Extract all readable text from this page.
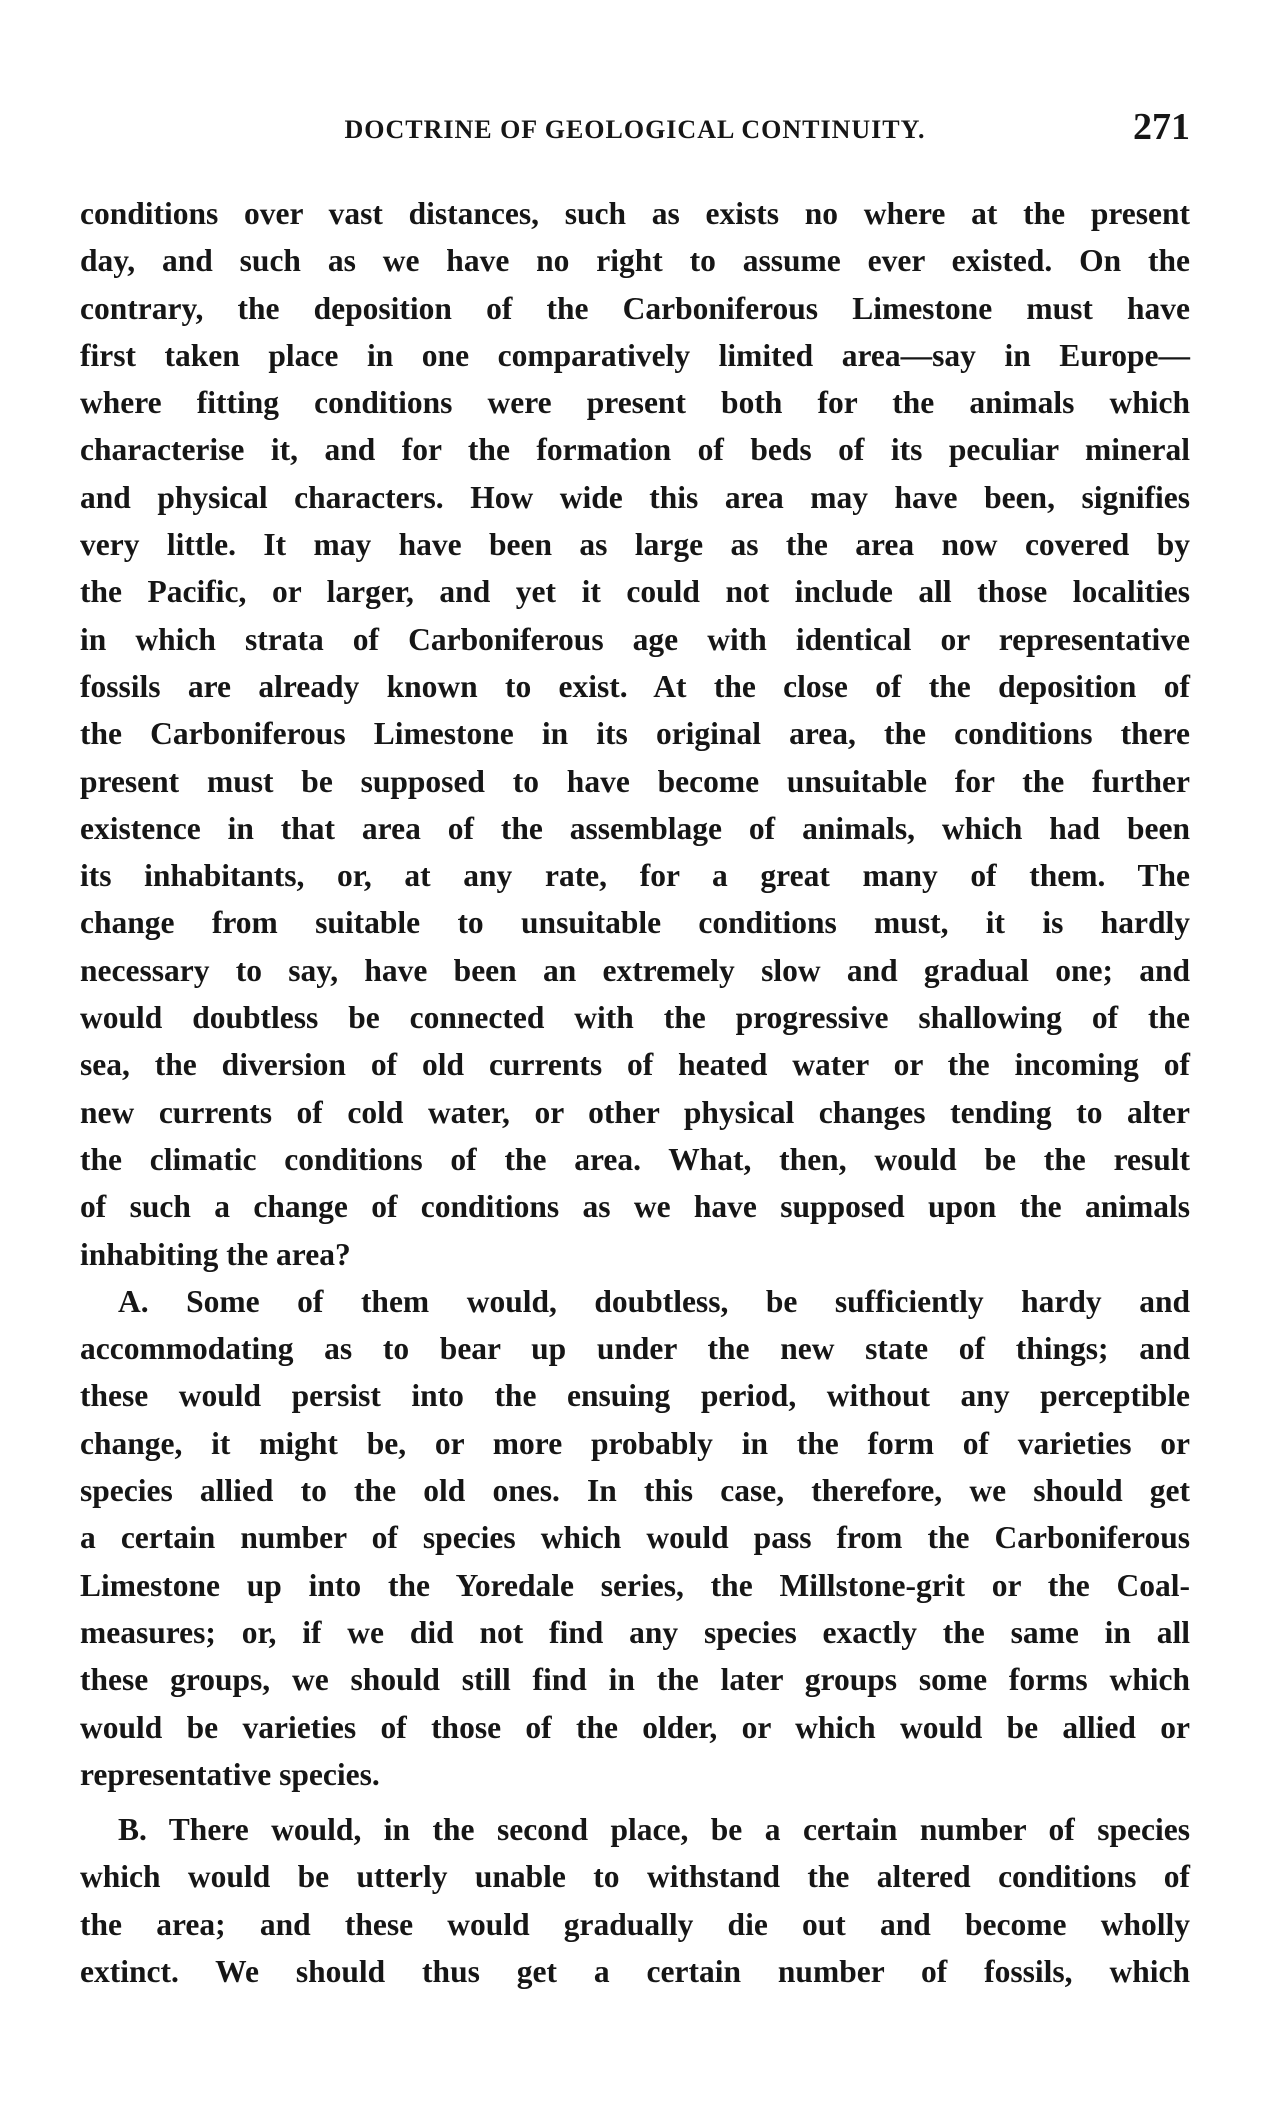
DOCTRINE OF GEOLOGICAL CONTINUITY.	271

conditions over vast distances, such as exists no where at the present
day, and such as we have no right to assume ever existed. On the
contrary, the deposition of the Carboniferous Limestone must have
first taken place in one comparatively limited area—say in Europe—
where fitting conditions were present both for the animals which
characterise it, and for the formation of beds of its peculiar mineral
and physical characters. How wide this area may have been, signifies
very little. It may have been as large as the area now covered by
the Pacific, or larger, and yet it could not include all those localities
in which strata of Carboniferous age with identical or representative
fossils are already known to exist. At the close of the deposition of
the Carboniferous Limestone in its original area, the conditions there
present must be supposed to have become unsuitable for the further
existence in that area of the assemblage of animals, which had been
its inhabitants, or, at any rate, for a great many of them. The
change from suitable to unsuitable conditions must, it is hardly
necessary to say, have been an extremely slow and gradual one; and
would doubtless be connected with the progressive shallowing of the
sea, the diversion of old currents of heated water or the incoming of
new currents of cold water, or other physical changes tending to alter
the climatic conditions of the area. What, then, would be the result
of such a change of conditions as we have supposed upon the animals
inhabiting the area?

A. Some of them would, doubtless, be sufficiently hardy and
accommodating as to bear up under the new state of things; and
these would persist into the ensuing period, without any perceptible
change, it might be, or more probably in the form of varieties or
species allied to the old ones. In this case, therefore, we should get
a certain number of species which would pass from the Carboniferous
Limestone up into the Yoredale series, the Millstone-grit or the Coal-
measures; or, if we did not find any species exactly the same in all
these groups, we should still find in the later groups some forms which
would be varieties of those of the older, or which would be allied or
representative species.

B. There would, in the second place, be a certain number of species
which would be utterly unable to withstand the altered conditions of
the area; and these would gradually die out and become wholly
extinct. We should thus get a certain number of fossils, which
